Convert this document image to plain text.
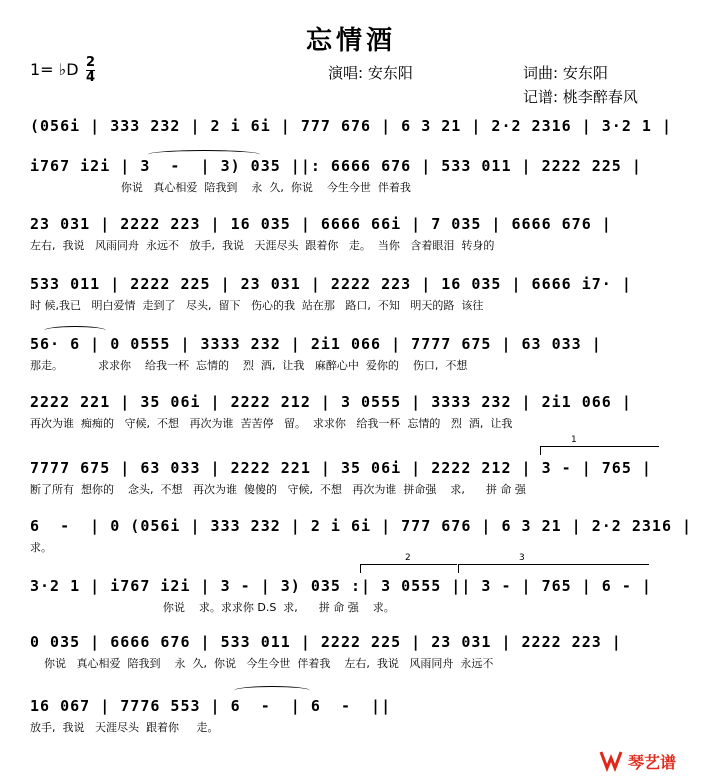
忘情酒
1= ♭D 2
4	演唱: 安东阳	词曲: 安东阳
记谱: 桃李醉春风
(056i | 333 232 | 2 i 6i | 777 676 | 6 3 21 | 2·2 2316 | 3·2 1 |
i767 i2i | 3  -  | 3) 035 ||: 6666 676 | 533 011 | 2222 225 |
你说   真心相爱  陪我到    永  久,  你说    今生今世  伴着我
23 031 | 2222 223 | 16 035 | 6666 66i | 7 035 | 6666 676 |
左右,  我说   风雨同舟  永远不   放手,  我说   天涯尽头  跟着你   走。  当你   含着眼泪  转身的
533 011 | 2222 225 | 23 031 | 2222 223 | 16 035 | 6666 i7· |
时 候,我已   明白爱情  走到了   尽头,  留下   伤心的我  站在那   路口,  不知   明天的路  该往
56· 6 | 0 0555 | 3333 232 | 2i1 066 | 7777 675 | 63 033 |
那走。          求求你    给我一杯  忘情的    烈  酒,  让我   麻醉心中  爱你的    伤口,  不想
2222 221 | 35 06i | 2222 212 | 3 0555 | 3333 232 | 2i1 066 |
再次为谁  痴痴的   守候,  不想   再次为谁  苦苦停   留。  求求你   给我一杯  忘情的   烈  酒,  让我
7777 675 | 63 033 | 2222 221 | 35 06i | 2222 212 | 3 - | 765 |
断了所有  想你的    念头,  不想   再次为谁  傻傻的   守候,  不想   再次为谁  拼命强    求,      拼 命 强
1
6  -  | 0 (056i | 333 232 | 2 i 6i | 777 676 | 6 3 21 | 2·2 2316 |
求。
3·2 1 | i767 i2i | 3 - | 3) 035 :| 3 0555 || 3 - | 765 | 6 - |
你说    求。求求你 D.S  求,      拼 命 强    求。
2	3
0 035 | 6666 676 | 533 011 | 2222 225 | 23 031 | 2222 223 |
你说   真心相爱  陪我到    永  久,  你说   今生今世  伴着我    左右,  我说   风雨同舟  永远不
16 067 | 7776 553 | 6  -  | 6  -  ||
放手,  我说   天涯尽头  跟着你     走。
琴艺谱
